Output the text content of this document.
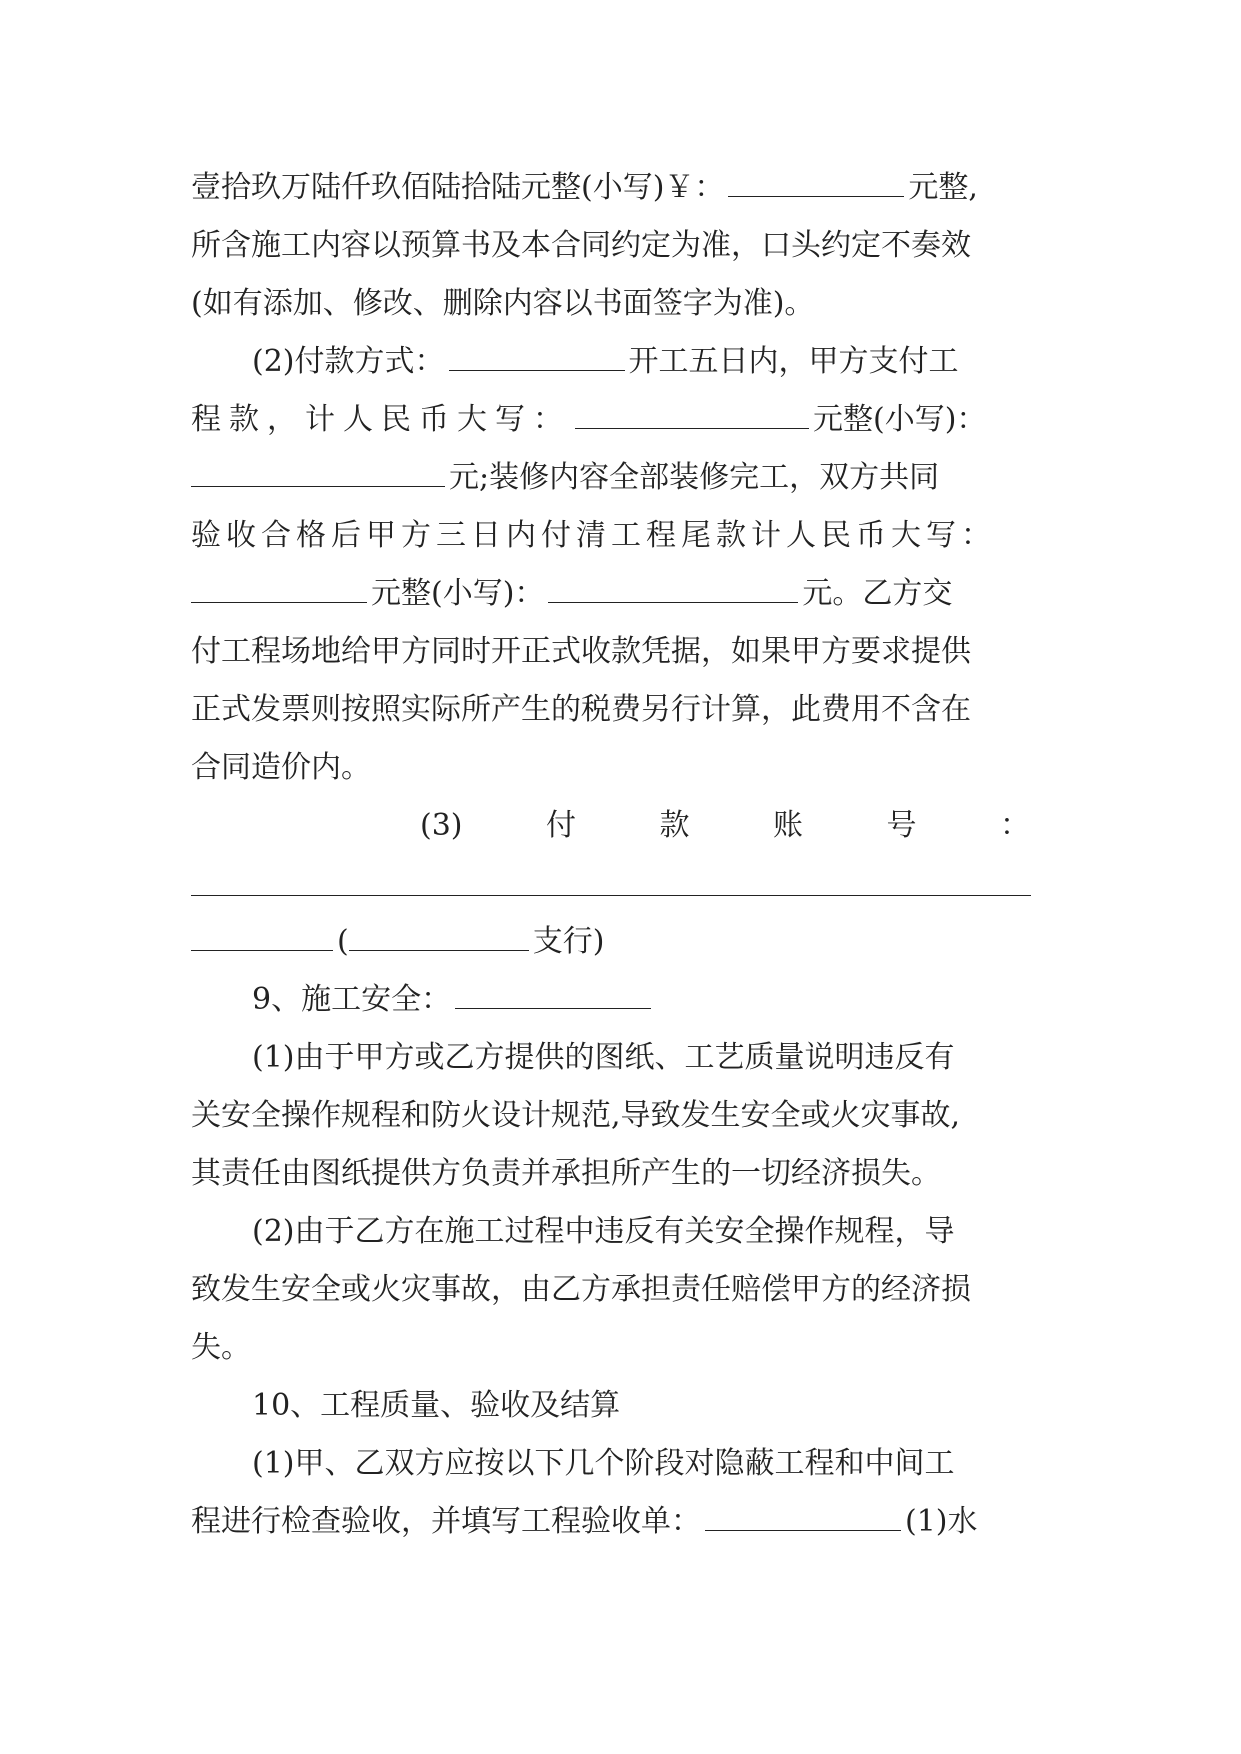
壹拾玖万陆仟玖佰陆拾陆元整(小写)￥：	元整,
所含施工内容以预算书及本合同约定为准，口头约定不奏效
(如有添加、修改、删除内容以书面签字为准)。
(2)付款方式：	开工五日内，甲方支付工
程款，计人民币大写：	元整(小写)：
元;装修内容全部装修完工，双方共同
验收合格后甲方三日内付清工程尾款计人民币大写：
元整(小写)：	元。乙方交
付工程场地给甲方同时开正式收款凭据，如果甲方要求提供
正式发票则按照实际所产生的税费另行计算，此费用不含在
合同造价内。
(3)	付	款	账	号	：
(	支行)
9、施工安全：
(1)由于甲方或乙方提供的图纸、工艺质量说明违反有
关安全操作规程和防火设计规范,导致发生安全或火灾事故,
其责任由图纸提供方负责并承担所产生的一切经济损失。
(2)由于乙方在施工过程中违反有关安全操作规程，导
致发生安全或火灾事故，由乙方承担责任赔偿甲方的经济损
失。
10、工程质量、验收及结算
(1)甲、乙双方应按以下几个阶段对隐蔽工程和中间工
程进行检查验收，并填写工程验收单：	(1)水
